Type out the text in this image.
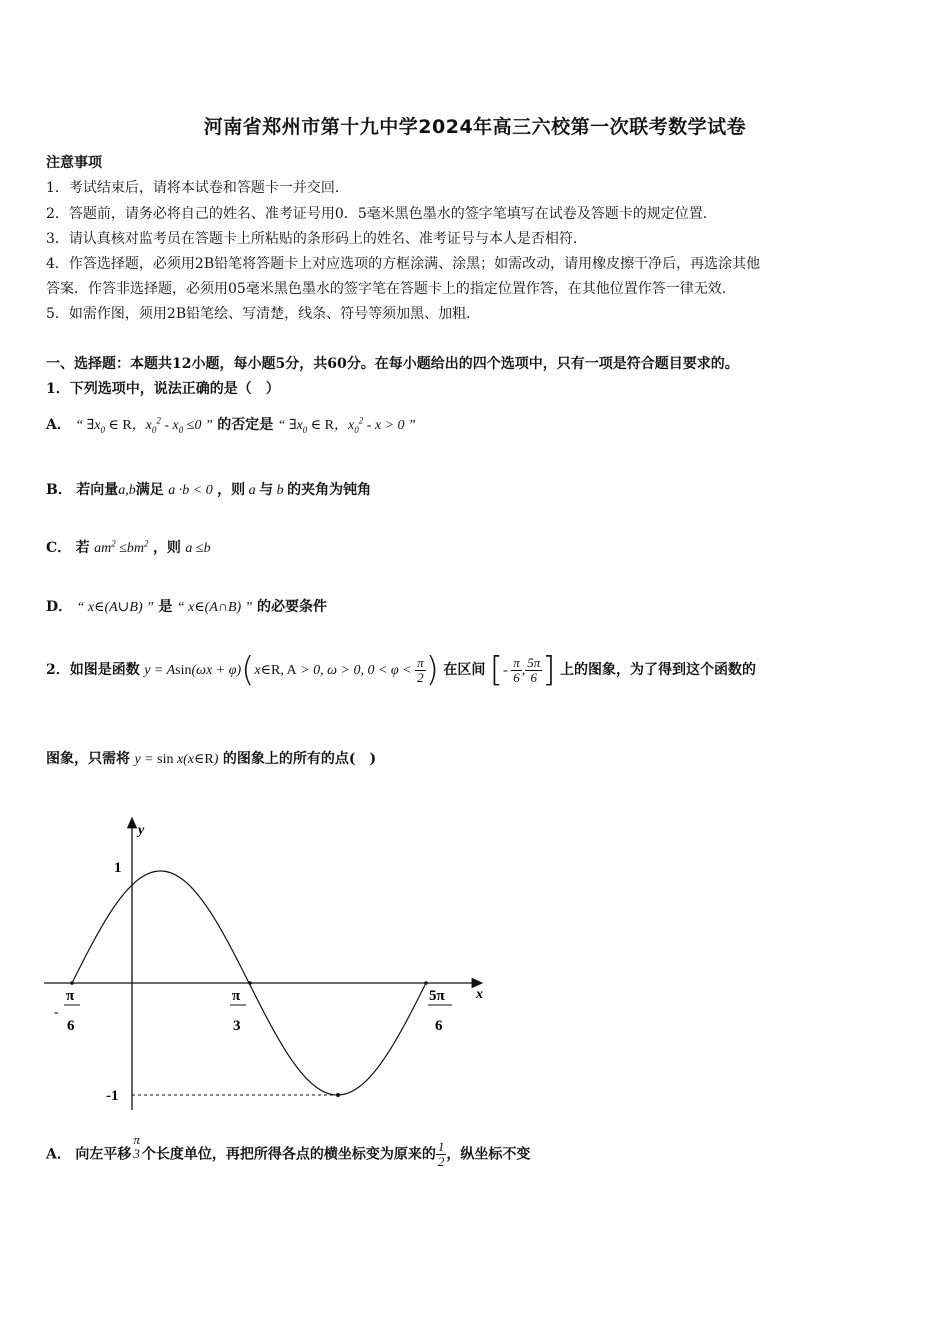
河南省郑州市第十九中学2024年高三六校第一次联考数学试卷
注意事项
1．考试结束后，请将本试卷和答题卡一并交回．
2．答题前，请务必将自己的姓名、准考证号用0．5毫米黑色墨水的签字笔填写在试卷及答题卡的规定位置．
3．请认真核对监考员在答题卡上所粘贴的条形码上的姓名、准考证号与本人是否相符．
4．作答选择题，必须用2B铅笔将答题卡上对应选项的方框涂满、涂黑；如需改动，请用橡皮擦干净后，再选涂其他
答案．作答非选择题，必须用05毫米黑色墨水的签字笔在答题卡上的指定位置作答，在其他位置作答一律无效．
5．如需作图，须用2B铅笔绘、写清楚，线条、符号等须加黑、加粗．
一、选择题：本题共12小题，每小题5分，共60分。在每小题给出的四个选项中，只有一项是符合题目要求的。
1．下列选项中，说法正确的是（　）
A． “ $\exists x_0$ ∈ R，$x_0^2 - x_0 \le 0$ ” 的否定是 “ $\exists x_0$ ∈ R，$x_0^2 - x > 0$ ”
B． 若向量a,b满足 a ·b < 0 ，则 a 与 b 的夹角为钝角
C． 若 $am^2 \le bm^2$ ，则 a ≤b
D． “ x∈(A∪B) ” 是 “ x∈(A∩B) ” 的必要条件
2．如图是函数 y = Asin(ωx + φ)(x∈R, A > 0, ω > 0, $0 < \varphi < \frac{\pi}{2}$ ) 在区间 [- $\frac{\pi}{6}$ , $\frac{5\pi}{6}$ ] 上的图象，为了得到这个函数的
图象，只需将 y = sin x(x∈R) 的图象上的所有的点(　)
y
x
1
-1
-
π
6
π
3
5π
6
A． 向左平移
π
3 个长度单位，再把所得各点的横坐标变为原来的 $\frac{1}{2}$ ，纵坐标不变
